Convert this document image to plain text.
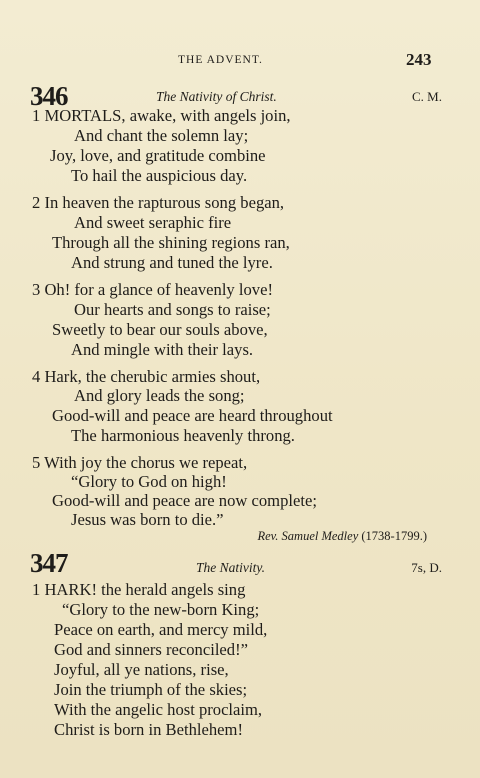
THE ADVENT.	243
346	The Nativity of Christ.	C. M.
1 MORTALS, awake, with angels join,
And chant the solemn lay;
Joy, love, and gratitude combine
To hail the auspicious day.
2 In heaven the rapturous song began,
And sweet seraphic fire
Through all the shining regions ran,
And strung and tuned the lyre.
3 Oh! for a glance of heavenly love!
Our hearts and songs to raise;
Sweetly to bear our souls above,
And mingle with their lays.
4 Hark, the cherubic armies shout,
And glory leads the song;
Good-will and peace are heard throughout
The harmonious heavenly throng.
5 With joy the chorus we repeat,
“Glory to God on high!
Good-will and peace are now complete;
Jesus was born to die.”
Rev. Samuel Medley (1738-1799.)
347	The Nativity.	7s, D.
1 HARK! the herald angels sing
“Glory to the new-born King;
Peace on earth, and mercy mild,
God and sinners reconciled!”
Joyful, all ye nations, rise,
Join the triumph of the skies;
With the angelic host proclaim,
Christ is born in Bethlehem!
